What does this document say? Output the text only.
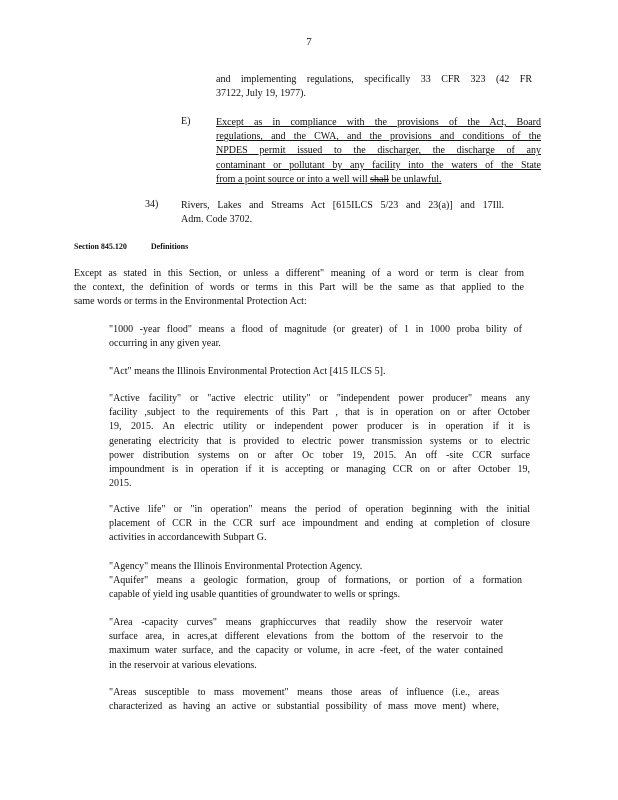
7
and implementing regulations, specifically 33 CFR 323 (42 FR
37122, July 19, 1977).
E)	Except as in compliance with the provisions of the Act, Board
regulations, and the CWA, and the provisions and conditions of the
NPDES permit issued to the discharger, the discharge of any
contaminant or pollutant by any facility into the waters of the State
from a point source or into a well will shall be unlawful.
34) Rivers, Lakes and Streams Act [615ILCS 5/23 and 23(a)] and 17Ill.
Adm. Code 3702.
Section 845.120	Definitions
Except as stated in this Section, or unless a different" meaning of a word or term is clear from
the context, the definition of words or terms in this Part will be the same as that applied to the
same words or terms in the Environmental Protection Act:
"1000 -year flood" means a flood of magnitude (or greater) of 1 in 1000 proba bility of
occurring in any given year.
"Act" means the Illinois Environmental Protection Act [415 ILCS 5].
"Active facility" or "active electric utility" or "independent power producer" means any
facility ,subject to the requirements of this Part , that is in operation on or after October
19, 2015. An electric utility or independent power producer is in operation if it is
generating electricity that is provided to electric power transmission systems or to electric
power distribution systems on or after Oc tober 19, 2015. An off -site CCR surface
impoundment is in operation if it is accepting or managing CCR on or after October 19,
2015.
"Active life" or "in operation" means the period of operation beginning with the initial
placement of CCR in the CCR surf ace impoundment and ending at completion of closure
activities in accordancewith Subpart G.
"Agency" means the Illinois Environmental Protection Agency.
"Aquifer" means a geologic formation, group of formations, or portion of a formation
capable of yield ing usable quantities of groundwater to wells or springs.
"Area -capacity curves" means graphiccurves that readily show the reservoir water
surface area, in acres,at different elevations from the bottom of the reservoir to the
maximum water surface, and the capacity or volume, in acre -feet, of the water contained
in the reservoir at various elevations.
"Areas susceptible to mass movement" means those areas of influence (i.e., areas
characterized as having an active or substantial possibility of mass move ment) where,
